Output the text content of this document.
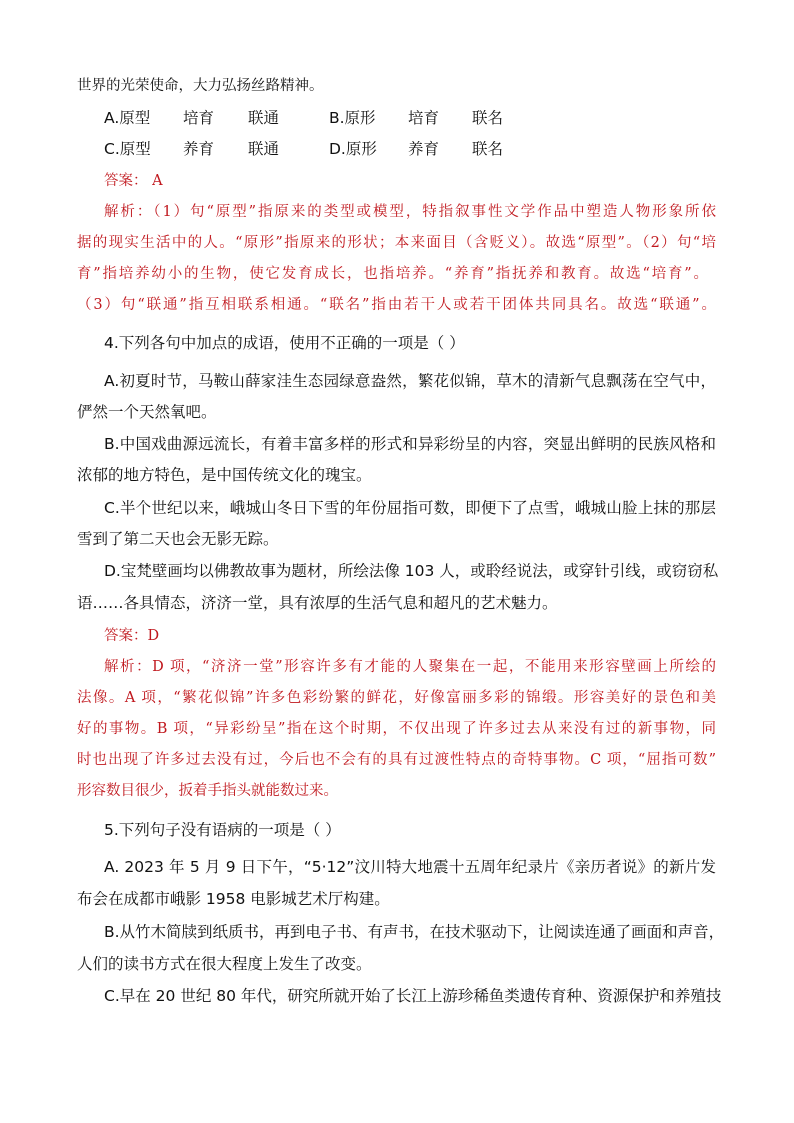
世界的光荣使命，大力弘扬丝路精神。
A.原型 培育 联通	B.原形 培育 联名
C.原型 养育 联通	D.原形 养育 联名
答案： A
解析：（1）句“原型”指原来的类型或模型，特指叙事性文学作品中塑造人物形象所依
据的现实生活中的人。“原形”指原来的形状；本来面目（含贬义）。故选“原型”。（2）句“培
育”指培养幼小的生物，使它发育成长，也指培养。“养育”指抚养和教育。故选“培育”。
（3）句“联通”指互相联系相通。“联名”指由若干人或若干团体共同具名。故选“联通”。
4.下列各句中加点的成语，使用不正确的一项是（ ）
A.初夏时节，马鞍山薛家洼生态园绿意盎然，繁花似锦，草木的清新气息飘荡在空气中，
俨然一个天然氧吧。
B.中国戏曲源远流长，有着丰富多样的形式和异彩纷呈的内容，突显出鲜明的民族风格和
浓郁的地方特色，是中国传统文化的瑰宝。
C.半个世纪以来，峨城山冬日下雪的年份屈指可数，即便下了点雪，峨城山脸上抹的那层
雪到了第二天也会无影无踪。
D.宝梵壁画均以佛教故事为题材，所绘法像 103 人，或聆经说法，或穿针引线，或窃窃私
语……各具情态，济济一堂，具有浓厚的生活气息和超凡的艺术魅力。
答案：D
解析：D 项，“济济一堂”形容许多有才能的人聚集在一起，不能用来形容壁画上所绘的
法像。A 项，“繁花似锦”许多色彩纷繁的鲜花，好像富丽多彩的锦缎。形容美好的景色和美
好的事物。B 项，“异彩纷呈”指在这个时期，不仅出现了许多过去从来没有过的新事物，同
时也出现了许多过去没有过，今后也不会有的具有过渡性特点的奇特事物。C 项，“屈指可数”
形容数目很少，扳着手指头就能数过来。
5.下列句子没有语病的一项是（ ）
A. 2023 年 5 月 9 日下午，“5·12”汶川特大地震十五周年纪录片《亲历者说》的新片发
布会在成都市峨影 1958 电影城艺术厅构建。
B.从竹木简牍到纸质书，再到电子书、有声书，在技术驱动下，让阅读连通了画面和声音，
人们的读书方式在很大程度上发生了改变。
C.早在 20 世纪 80 年代，研究所就开始了长江上游珍稀鱼类遗传育种、资源保护和养殖技
